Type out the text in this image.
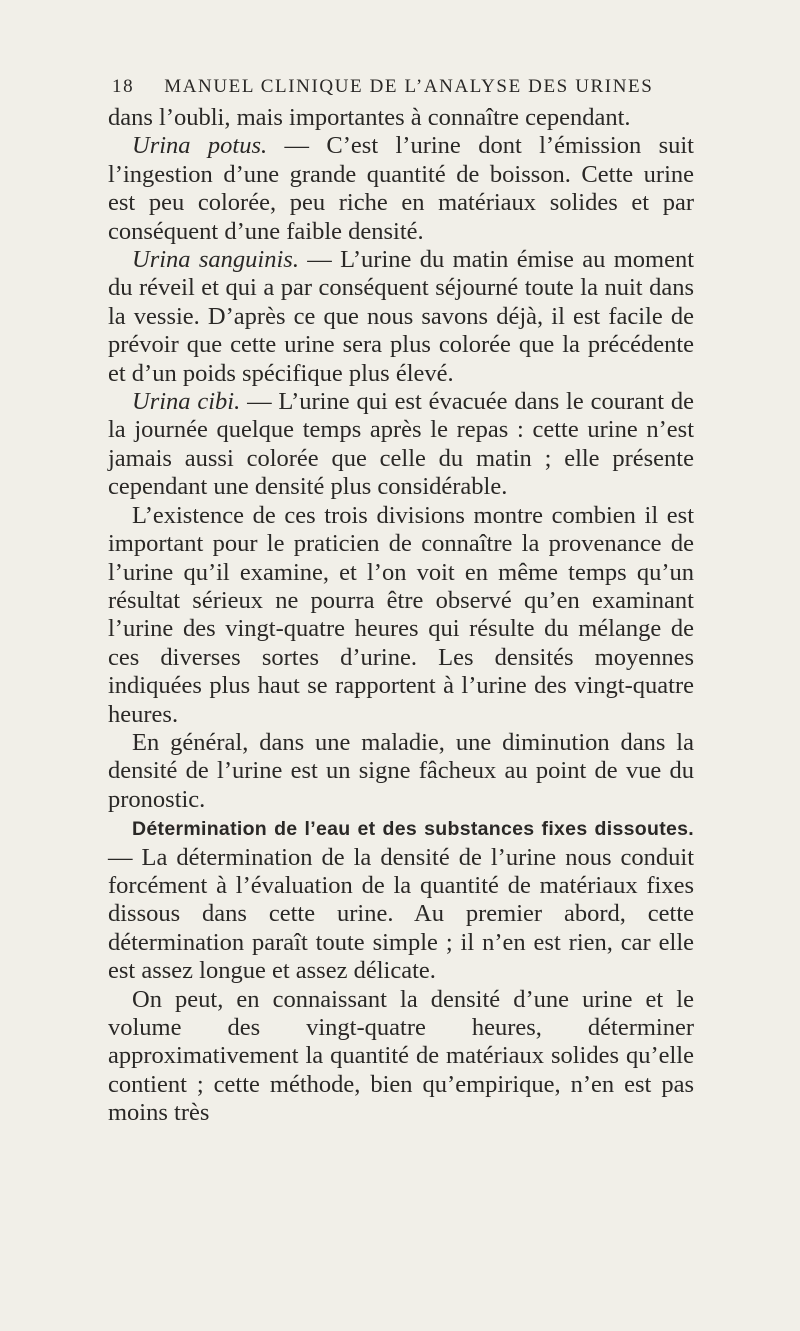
18 MANUEL CLINIQUE DE L’ANALYSE DES URINES

dans l’oubli, mais importantes à connaître cependant.

Urina potus. — C’est l’urine dont l’émission suit l’ingestion d’une grande quantité de boisson. Cette urine est peu colorée, peu riche en matériaux solides et par conséquent d’une faible densité.

Urina sanguinis. — L’urine du matin émise au moment du réveil et qui a par conséquent séjourné toute la nuit dans la vessie. D’après ce que nous savons déjà, il est facile de prévoir que cette urine sera plus colorée que la précédente et d’un poids spécifique plus élevé.

Urina cibi. — L’urine qui est évacuée dans le courant de la journée quelque temps après le repas : cette urine n’est jamais aussi colorée que celle du matin ; elle présente cependant une densité plus considérable.

L’existence de ces trois divisions montre combien il est important pour le praticien de connaître la provenance de l’urine qu’il examine, et l’on voit en même temps qu’un résultat sérieux ne pourra être observé qu’en examinant l’urine des vingt-quatre heures qui résulte du mélange de ces diverses sortes d’urine. Les densités moyennes indiquées plus haut se rapportent à l’urine des vingt-quatre heures.

En général, dans une maladie, une diminution dans la densité de l’urine est un signe fâcheux au point de vue du pronostic.

Détermination de l’eau et des substances fixes dissoutes. — La détermination de la densité de l’urine nous conduit forcément à l’évaluation de la quantité de matériaux fixes dissous dans cette urine. Au premier abord, cette détermination paraît toute simple ; il n’en est rien, car elle est assez longue et assez délicate.

On peut, en connaissant la densité d’une urine et le volume des vingt-quatre heures, déterminer approximativement la quantité de matériaux solides qu’elle contient ; cette méthode, bien qu’empirique, n’en est pas moins très
